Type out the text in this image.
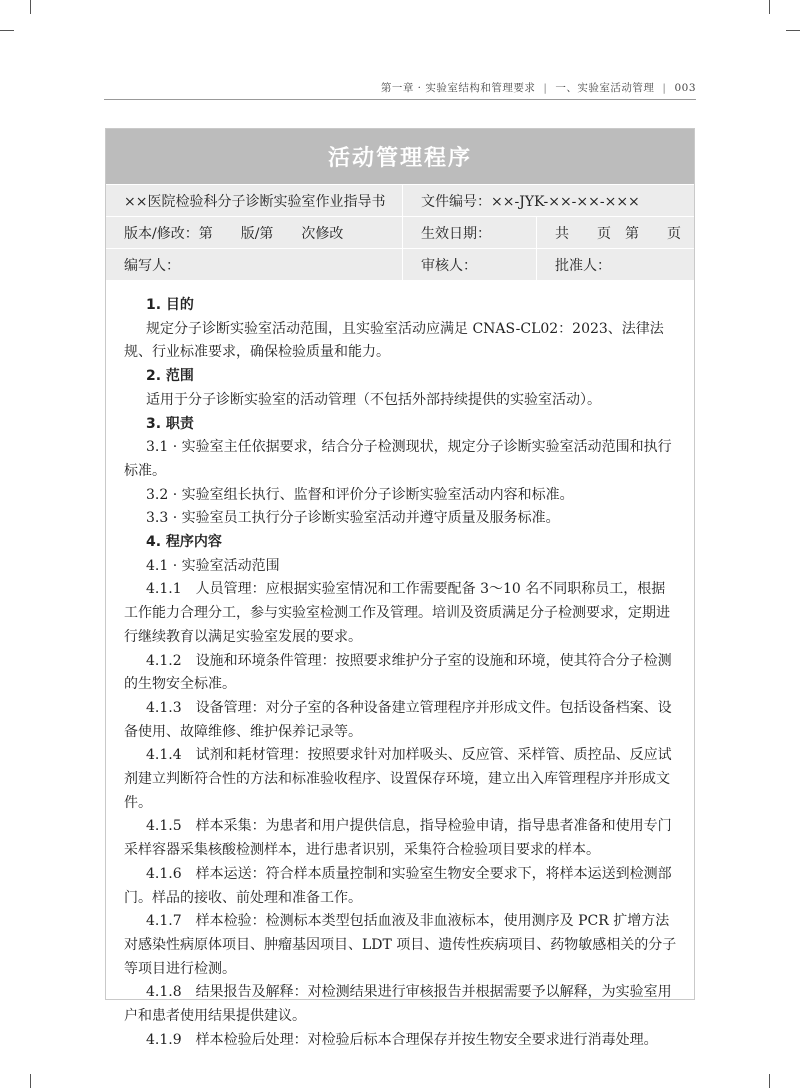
第一章 · 实验室结构和管理要求 | 一、实验室活动管理 | 003
活动管理程序
××医院检验科分子诊断实验室作业指导书	文件编号：××-JYK-××-××-×××
版本/修改：第　　版/第　　次修改	生效日期：	共　　页　第　　页
编写人：	审核人：	批准人：
1. 目的

规定分子诊断实验室活动范围，且实验室活动应满足 CNAS-CL02：2023、法律法规、行业标准要求，确保检验质量和能力。

2. 范围

适用于分子诊断实验室的活动管理（不包括外部持续提供的实验室活动）。

3. 职责

3.1 · 实验室主任依据要求，结合分子检测现状，规定分子诊断实验室活动范围和执行标准。

3.2 · 实验室组长执行、监督和评价分子诊断实验室活动内容和标准。

3.3 · 实验室员工执行分子诊断实验室活动并遵守质量及服务标准。

4. 程序内容

4.1 · 实验室活动范围

4.1.1　人员管理：应根据实验室情况和工作需要配备 3～10 名不同职称员工，根据工作能力合理分工，参与实验室检测工作及管理。培训及资质满足分子检测要求，定期进行继续教育以满足实验室发展的要求。

4.1.2　设施和环境条件管理：按照要求维护分子室的设施和环境，使其符合分子检测的生物安全标准。

4.1.3　设备管理：对分子室的各种设备建立管理程序并形成文件。包括设备档案、设备使用、故障维修、维护保养记录等。

4.1.4　试剂和耗材管理：按照要求针对加样吸头、反应管、采样管、质控品、反应试剂建立判断符合性的方法和标准验收程序、设置保存环境，建立出入库管理程序并形成文件。

4.1.5　样本采集：为患者和用户提供信息，指导检验申请，指导患者准备和使用专门采样容器采集核酸检测样本，进行患者识别，采集符合检验项目要求的样本。

4.1.6　样本运送：符合样本质量控制和实验室生物安全要求下，将样本运送到检测部门。样品的接收、前处理和准备工作。

4.1.7　样本检验：检测标本类型包括血液及非血液标本，使用测序及 PCR 扩增方法对感染性病原体项目、肿瘤基因项目、LDT 项目、遗传性疾病项目、药物敏感相关的分子等项目进行检测。

4.1.8　结果报告及解释：对检测结果进行审核报告并根据需要予以解释，为实验室用户和患者使用结果提供建议。

4.1.9　样本检验后处理：对检验后标本合理保存并按生物安全要求进行消毒处理。
